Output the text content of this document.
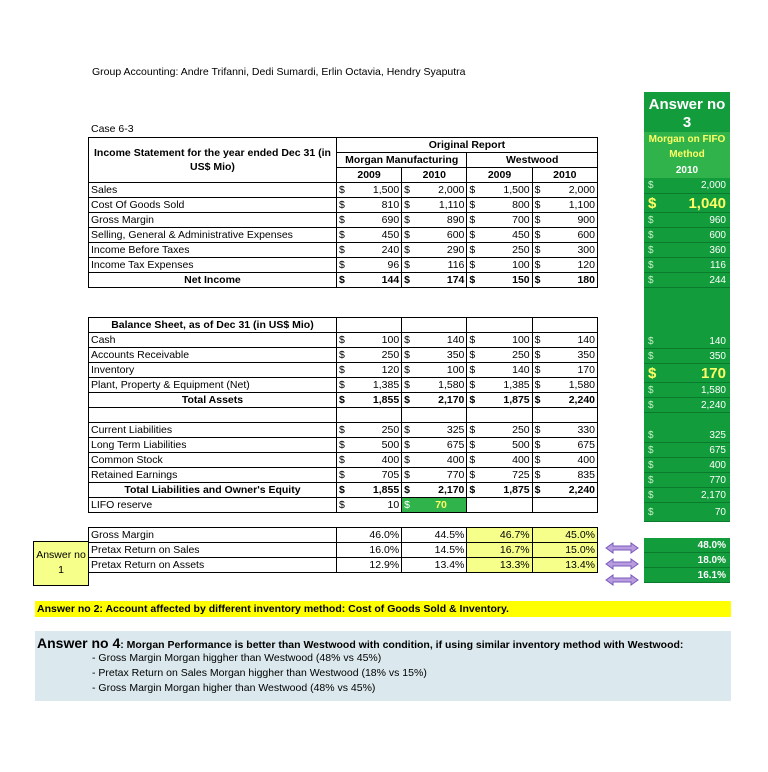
Group Accounting: Andre Trifanni, Dedi Sumardi, Erlin Octavia, Hendry Syaputra
Case 6-3
Income Statement for the year ended Dec 31 (in US$ Mio)	Original Report							
	Morgan Manufacturing				Westwood			
	2009		2010		2009		2010	
Sales	$	1,500	$	2,000	$	1,500	$	2,000
Cost Of Goods Sold	$	810	$	1,110	$	800	$	1,100
Gross Margin	$	690	$	890	$	700	$	900
Selling, General & Administrative Expenses	$	450	$	600	$	450	$	600
Income Before Taxes	$	240	$	290	$	250	$	300
Income Tax Expenses	$	96	$	116	$	100	$	120
Net Income	$	144	$	174	$	150	$	180

Balance Sheet, as of Dec 31 (in US$ Mio)								
Cash	$	100	$	140	$	100	$	140
Accounts Receivable	$	250	$	350	$	250	$	350
Inventory	$	120	$	100	$	140	$	170
Plant, Property & Equipment (Net)	$	1,385	$	1,580	$	1,385	$	1,580
Total Assets	$	1,855	$	2,170	$	1,875	$	2,240

Current Liabilities	$	250	$	325	$	250	$	330
Long Term Liabilities	$	500	$	675	$	500	$	675
Common Stock	$	400	$	400	$	400	$	400
Retained Earnings	$	705	$	770	$	725	$	835
Total Liabilities and Owner's Equity	$	1,855	$	2,170	$	1,875	$	2,240
LIFO reserve	$	10	$	70				

Gross Margin	46.0%		44.5%		46.7%		45.0%	
Pretax Return on Sales	16.0%		14.5%		16.7%		15.0%	
Pretax Return on Assets	12.9%		13.4%		13.3%		13.4%	
Answer no
3
Morgan on FIFO Method
2010
$	2,000
$ 1,040
$	960
$	600
$	360
$	116
$	244
$	140
$	350
$	170
$	1,580
$	2,240
$	325
$	675
$	400
$	770
$	2,170
$	70
48.0%
18.0%
16.1%
Answer no
1
Answer no 2: Account affected by different inventory method: Cost of Goods Sold & Inventory.
Answer no 4: Morgan Performance is better than Westwood with condition, if using similar inventory method with Westwood:
- Gross Margin Morgan higgher than Westwood (48% vs 45%)
- Pretax Return on Sales Morgan higgher than Westwood (18% vs 15%)
- Gross Margin Morgan higher than Westwood (48% vs 45%)
